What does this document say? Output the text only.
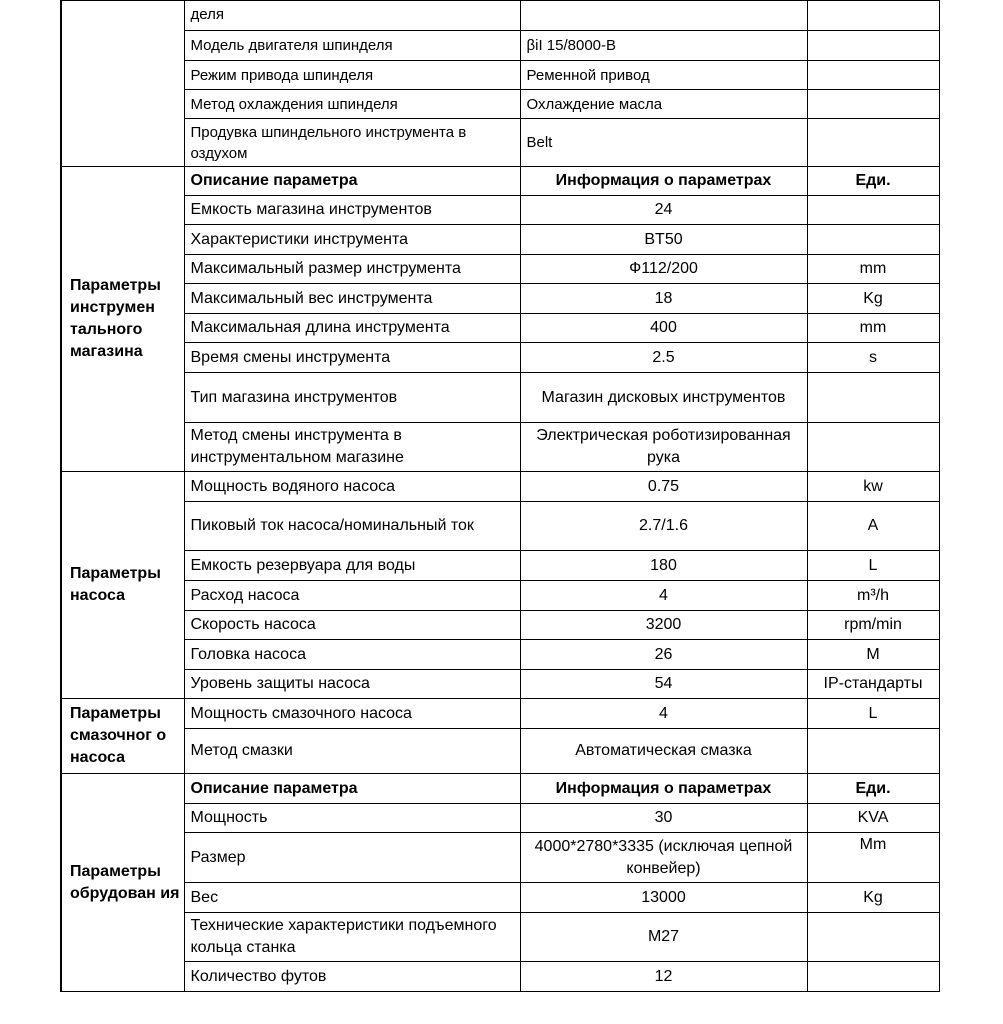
	деля		
	Модель двигателя шпинделя	βiI 15/8000-B	
	Режим привода шпинделя	Ременной привод	
	Метод охлаждения шпинделя	Охлаждение масла	
	Продувка шпиндельного инструмента в оздухом	Belt	
Параметры инструмен тального магазина	Описание параметра	Информация о параметрах	Еди.
	Емкость магазина инструментов	24	
	Характеристики инструмента	BT50	
	Максимальный размер инструмента	Ф112/200	mm
	Максимальный вес инструмента	18	Kg
	Максимальная длина инструмента	400	mm
	Время смены инструмента	2.5	s
	Тип магазина инструментов	Магазин дисковых инструментов	
	Метод смены инструмента в инструментальном магазине	Электрическая роботизированная рука	
Параметры насоса	Мощность водяного насоса	0.75	kw
	Пиковый ток насоса/номинальный ток	2.7/1.6	A
	Емкость резервуара для воды	180	L
	Расход насоса	4	m³/h
	Скорость насоса	3200	rpm/min
	Головка насоса	26	M
	Уровень защиты насоса	54	IP-стандарты
Параметры смазочног о насоса	Мощность смазочного насоса	4	L
	Метод смазки	Автоматическая смазка	
Параметры обрудован ия	Описание параметра	Информация о параметрах	Еди.
	Мощность	30	KVA
	Размер	4000*2780*3335 (исключая цепной конвейер)	Mm
	Вес	13000	Kg
	Технические характеристики подъемного кольца станка	M27	
	Количество футов	12	
